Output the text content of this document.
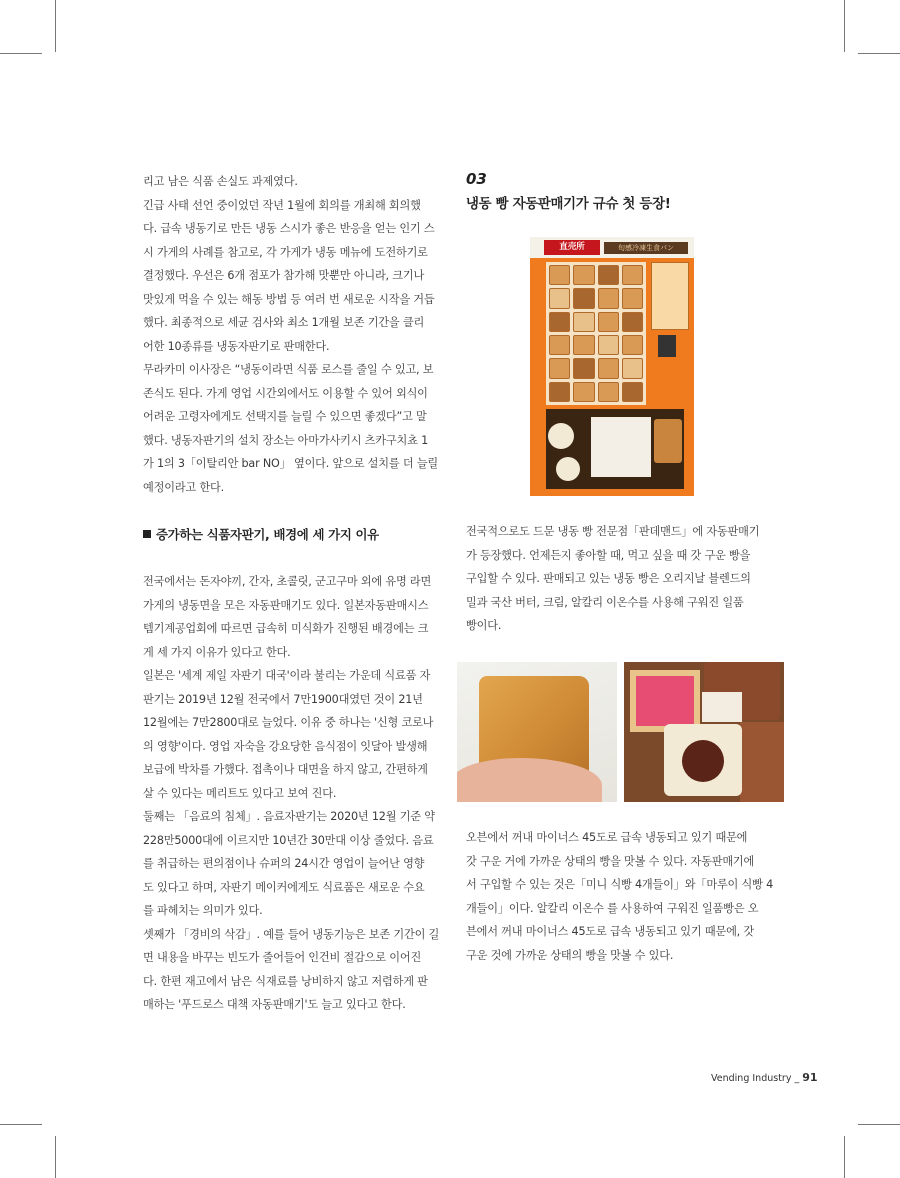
리고 남은 식품 손실도 과제였다.
긴급 사태 선언 중이었던 작년 1월에 회의를 개최해 회의했
다. 급속 냉동기로 만든 냉동 스시가 좋은 반응을 얻는 인기 스
시 가게의 사례를 참고로, 각 가게가 냉동 메뉴에 도전하기로
결정했다. 우선은 6개 점포가 참가해 맛뿐만 아니라, 크기나
맛있게 먹을 수 있는 해동 방법 등 여러 번 새로운 시작을 거듭
했다. 최종적으로 세균 검사와 최소 1개월 보존 기간을 클리
어한 10종류를 냉동자판기로 판매한다.

무라카미 이사장은 “냉동이라면 식품 로스를 줄일 수 있고, 보
존식도 된다. 가게 영업 시간외에서도 이용할 수 있어 외식이
어려운 고령자에게도 선택지를 늘릴 수 있으면 좋겠다”고 말
했다. 냉동자판기의 설치 장소는 아마가사키시 츠카구치쵸 1
가 1의 3「이탈리안 bar NO」 옆이다. 앞으로 설치를 더 늘릴
예정이라고 한다.

증가하는 식품자판기, 배경에 세 가지 이유

전국에서는 돈자야끼, 간자, 초콜릿, 군고구마 외에 유명 라면
가게의 냉동면을 모은 자동판매기도 있다. 일본자동판매시스
템기계공업회에 따르면 급속히 미식화가 진행된 배경에는 크
게 세 가지 이유가 있다고 한다.

일본은 '세계 제일 자판기 대국'이라 불리는 가운데 식료품 자
판기는 2019년 12월 전국에서 7만1900대였던 것이 21년
12월에는 7만2800대로 늘었다. 이유 중 하나는 '신형 코로나
의 영향'이다. 영업 자숙을 강요당한 음식점이 잇달아 발생해
보급에 박차를 가했다. 접촉이나 대면을 하지 않고, 간편하게
살 수 있다는 메리트도 있다고 보여 진다.

둘째는 「음료의 침체」. 음료자판기는 2020년 12월 기준 약
228만5000대에 이르지만 10년간 30만대 이상 줄었다. 음료
를 취급하는 편의점이나 슈퍼의 24시간 영업이 늘어난 영향
도 있다고 하며, 자판기 메이커에게도 식료품은 새로운 수요
를 파헤치는 의미가 있다.

셋째가 「경비의 삭감」. 예를 들어 냉동기능은 보존 기간이 길
면 내용을 바꾸는 빈도가 줄어들어 인건비 절감으로 이어진
다. 한편 재고에서 남은 식재료를 낭비하지 않고 저렴하게 판
매하는 '푸드로스 대책 자동판매기'도 늘고 있다고 한다.

03

냉동 빵 자동판매기가 규슈 첫 등장!
直売所	旬感冷凍生食パン

전국적으로도 드문 냉동 빵 전문점「판데맨드」에 자동판매기
가 등장했다. 언제든지 좋아할 때, 먹고 싶을 때 갓 구운 빵을
구입할 수 있다. 판매되고 있는 냉동 빵은 오리지날 블렌드의
밀과 국산 버터, 크림, 알칼리 이온수를 사용해 구워진 일품
빵이다.

오븐에서 꺼내 마이너스 45도로 급속 냉동되고 있기 때문에
갓 구운 거에 가까운 상태의 빵을 맛볼 수 있다. 자동판매기에
서 구입할 수 있는 것은「미니 식빵 4개들이」와「마루이 식빵 4
개들이」이다. 알칼리 이온수 를 사용하여 구워진 일품빵은 오
븐에서 꺼내 마이너스 45도로 급속 냉동되고 있기 때문에, 갓
구운 것에 가까운 상태의 빵을 맛볼 수 있다.

Vending Industry _ 91
